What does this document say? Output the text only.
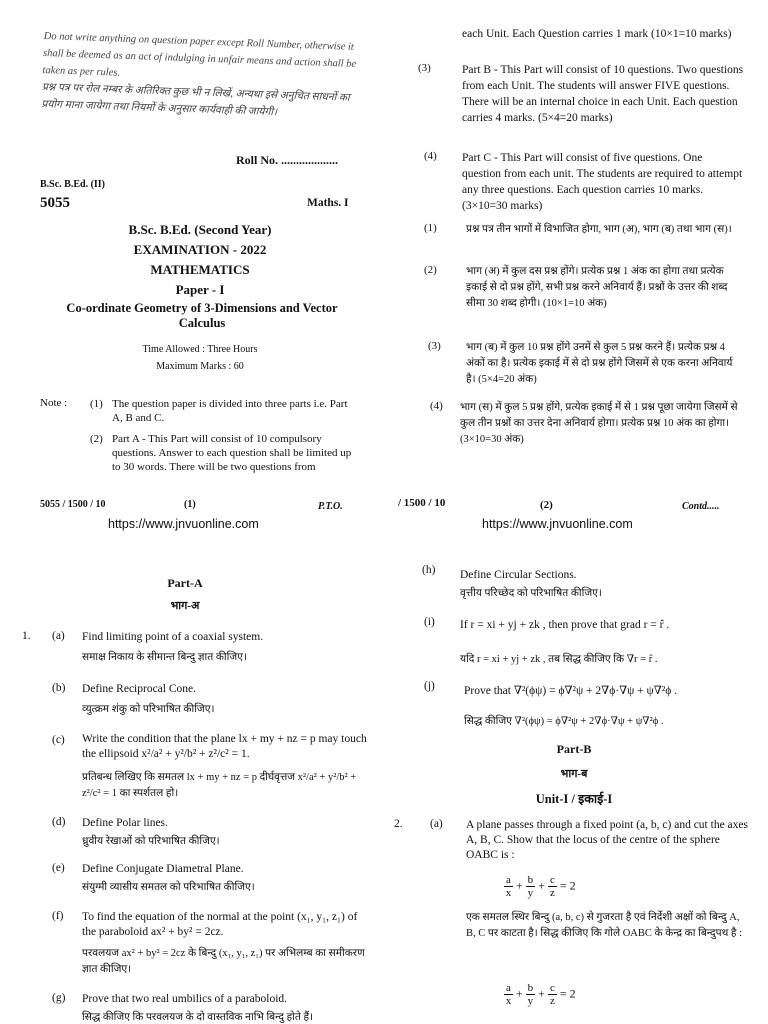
Do not write anything on question paper except Roll Number, otherwise it shall be deemed as an act of indulging in unfair means and action shall be taken as per rules.
प्रश्न पत्र पर रोल नम्बर के अतिरिक्त कुछ भी न लिखें, अन्यथा इसे अनुचित साधनों का प्रयोग माना जायेगा तथा नियमों के अनुसार कार्यवाही की जायेगी।
Roll No. ...................
B.Sc. B.Ed. (II)
5055	Maths. I
B.Sc. B.Ed. (Second Year)
EXAMINATION - 2022
MATHEMATICS
Paper - I
Co-ordinate Geometry of 3-Dimensions and Vector Calculus
Time Allowed : Three Hours
Maximum Marks : 60
Note : (1) The question paper is divided into three parts i.e. Part A, B and C.
(2) Part A - This Part will consist of 10 compulsory questions. Answer to each question shall be limited up to 30 words. There will be two questions from
5055 / 1500 / 10	(1)	P.T.O.
https://www.jnvuonline.com
each Unit. Each Question carries 1 mark (10×1=10 marks)
(3)	Part B - This Part will consist of 10 questions. Two questions from each Unit. The students will answer FIVE questions. There will be an internal choice in each Unit. Each question carries 4 marks. (5×4=20 marks)
(4) Part C - This Part will consist of five questions. One question from each unit. The students are required to attempt any three questions. Each question carries 10 marks. (3×10=30 marks)
(1)	प्रश्न पत्र तीन भागों में विभाजित होगा, भाग (अ), भाग (ब) तथा भाग (स)।
(2)	भाग (अ) में कुल दस प्रश्न होंगे। प्रत्येक प्रश्न 1 अंक का होगा तथा प्रत्येक इकाई से दो प्रश्न होंगे, सभी प्रश्न करने अनिवार्य हैं। प्रश्नों के उत्तर की शब्द सीमा 30 शब्द होगी। (10×1=10 अंक)
(3) भाग (ब) में कुल 10 प्रश्न होंगे उनमें से कुल 5 प्रश्न करने हैं। प्रत्येक प्रश्न 4 अंकों का है। प्रत्येक इकाई में से दो प्रश्न होंगे जिसमें से एक करना अनिवार्य है। (5×4=20 अंक)
(4) भाग (स) में कुल 5 प्रश्न होंगे, प्रत्येक इकाई में से 1 प्रश्न पूछा जायेगा जिसमें से कुल तीन प्रश्नों का उत्तर देना अनिवार्य होगा। प्रत्येक प्रश्न 10 अंक का होगा। (3×10=30 अंक)
/ 1500 / 10	(2)	Contd.....
https://www.jnvuonline.com
Part-A
भाग-अ
1. (a) Find limiting point of a coaxial system.
समाक्ष निकाय के सीमान्त बिन्दु ज्ञात कीजिए।
(b) Define Reciprocal Cone.
व्युत्क्रम शंकु को परिभाषित कीजिए।
(c) Write the condition that the plane lx + my + nz = p may touch the ellipsoid x²/a² + y²/b² + z²/c² = 1.
प्रतिबन्ध लिखिए कि समतल lx + my + nz = p दीर्घवृत्तज x²/a² + y²/b² + z²/c² = 1 का स्पर्शतल हो।
(d) Define Polar lines.
ध्रुवीय रेखाओं को परिभाषित कीजिए।
(e) Define Conjugate Diametral Plane.
संयुग्मी व्यासीय समतल को परिभाषित कीजिए।
(f) To find the equation of the normal at the point (x₁, y₁, z₁) of the paraboloid ax² + by² = 2cz.
परवलयज ax² + by² = 2cz के बिन्दु (x₁, y₁, z₁) पर अभिलम्ब का समीकरण ज्ञात कीजिए।
(g) Prove that two real umbilics of a paraboloid.
सिद्ध कीजिए कि परवलयज के दो वास्तविक नाभि बिन्दु होते हैं।
(h) Define Circular Sections.
वृत्तीय परिच्छेद को परिभाषित कीजिए।
(i) If r = xi + yj + zk , then prove that grad r = r̂ .
यदि r = xi + yj + zk , तब सिद्ध कीजिए कि ∇r = r̂ .
(j)	Prove that ∇²(ϕψ) = ϕ∇²ψ + 2∇ϕ·∇ψ + ψ∇²ϕ .
सिद्ध कीजिए ∇²(ϕψ) = ϕ∇²ψ + 2∇ϕ·∇ψ + ψ∇²ϕ .
Part-B
भाग-ब
Unit-I / इकाई-I
2. (a) A plane passes through a fixed point (a, b, c) and cut the axes A, B, C. Show that the locus of the centre of the sphere OABC is :
$\frac{a}{x} + \frac{b}{y} + \frac{c}{z} = 2$
एक समतल स्थिर बिन्दु (a, b, c) से गुजरता है एवं निर्देशी अक्षों को बिन्दु A, B, C पर काटता है। सिद्ध कीजिए कि गोले OABC के केन्द्र का बिन्दुपथ है :
$\frac{a}{x} + \frac{b}{y} + \frac{c}{z} = 2$
